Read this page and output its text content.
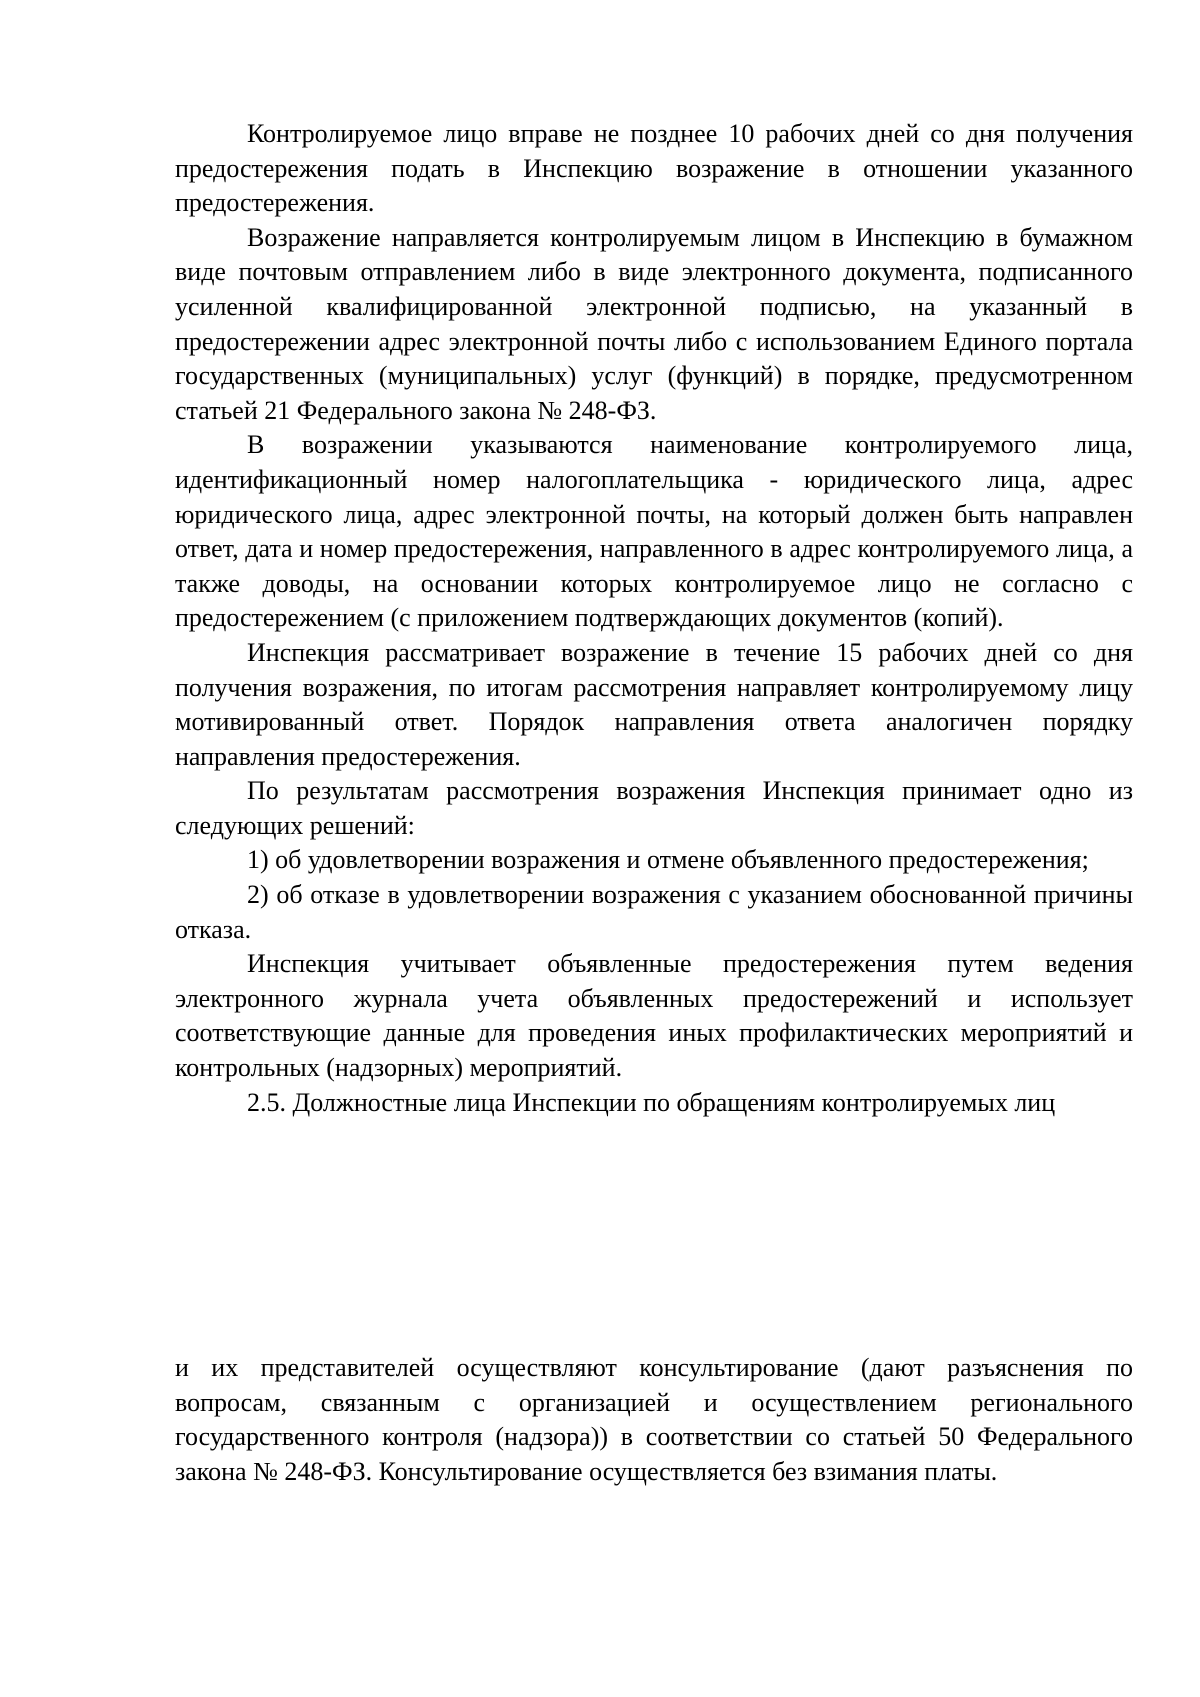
Контролируемое лицо вправе не позднее 10 рабочих дней со дня получения предостережения подать в Инспекцию возражение в отношении указанного предостережения.

Возражение направляется контролируемым лицом в Инспекцию в бумажном виде почтовым отправлением либо в виде электронного документа, подписанного усиленной квалифицированной электронной подписью, на указанный в предостережении адрес электронной почты либо с использованием Единого портала государственных (муниципальных) услуг (функций) в порядке, предусмотренном статьей 21 Федерального закона № 248-ФЗ.

В возражении указываются наименование контролируемого лица, идентификационный номер налогоплательщика - юридического лица, адрес юридического лица, адрес электронной почты, на который должен быть направлен ответ, дата и номер предостережения, направленного в адрес контролируемого лица, а также доводы, на основании которых контролируемое лицо не согласно с предостережением (с приложением подтверждающих документов (копий).

Инспекция рассматривает возражение в течение 15 рабочих дней со дня получения возражения, по итогам рассмотрения направляет контролируемому лицу мотивированный ответ. Порядок направления ответа аналогичен порядку направления предостережения.

По результатам рассмотрения возражения Инспекция принимает одно из следующих решений:

1) об удовлетворении возражения и отмене объявленного предостережения;

2) об отказе в удовлетворении возражения с указанием обоснованной причины отказа.

Инспекция учитывает объявленные предостережения путем ведения электронного журнала учета объявленных предостережений и использует соответствующие данные для проведения иных профилактических мероприятий и контрольных (надзорных) мероприятий.

2.5. Должностные лица Инспекции по обращениям контролируемых лиц

и их представителей осуществляют консультирование (дают разъяснения по вопросам, связанным с организацией и осуществлением регионального государственного контроля (надзора)) в соответствии со статьей 50 Федерального закона № 248-ФЗ. Консультирование осуществляется без взимания платы.
